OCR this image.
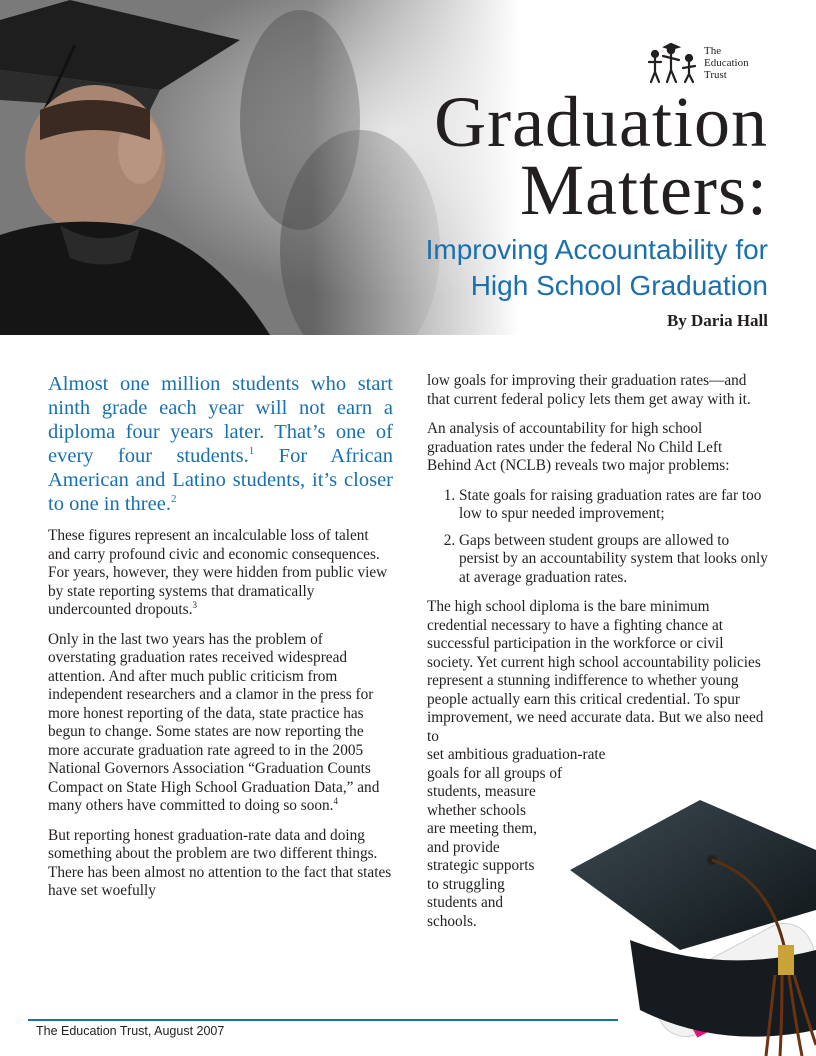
The
Education
Trust
Graduation
Matters:
Improving Accountability for
High School Graduation
By Daria Hall

Almost one million students who start ninth grade each year will not earn a diploma four years later. That’s one of every four students.$^1$ For African American and Latino students, it’s closer to one in three.$^2$

These figures represent an incalculable loss of talent and carry profound civic and economic consequences. For years, however, they were hidden from public view by state reporting systems that dramatically undercounted dropouts.$^3$

Only in the last two years has the problem of overstating graduation rates received widespread attention. And after much public criticism from independent researchers and a clamor in the press for more honest reporting of the data, state practice has begun to change. Some states are now reporting the more accurate graduation rate agreed to in the 2005 National Governors Association “Graduation Counts Compact on State High School Graduation Data,” and many others have committed to doing so soon.$^4$

But reporting honest graduation-rate data and doing something about the problem are two different things. There has been almost no attention to the fact that states have set woefully

low goals for improving their graduation rates—and that current federal policy lets them get away with it.

An analysis of accountability for high school graduation rates under the federal No Child Left Behind Act (NCLB) reveals two major problems:

1. State goals for raising graduation rates are far too low to spur needed improvement;
2. Gaps between student groups are allowed to persist by an accountability system that looks only at average graduation rates.

The high school diploma is the bare minimum credential necessary to have a fighting chance at successful participation in the workforce or civil society. Yet current high school accountability policies represent a stunning indifference to whether young people actually earn this critical credential. To spur improvement, we need accurate data. But we also need to
set ambitious graduation-rate
goals for all groups of
students, measure
whether schools
are meeting them,
and provide
strategic supports
to struggling
students and
schools.

The Education Trust, August 2007
